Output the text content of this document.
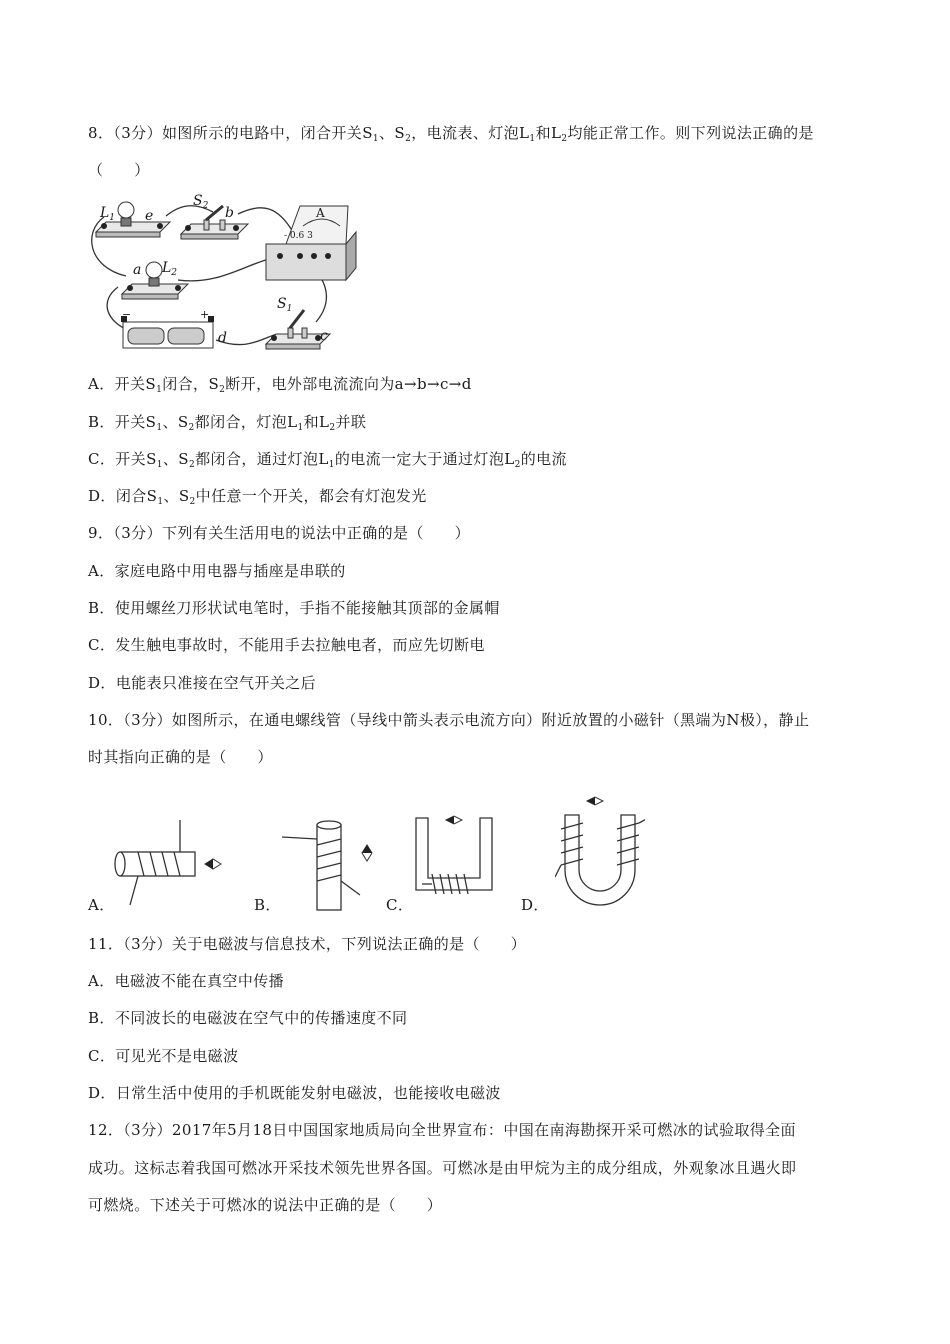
8．（3分）如图所示的电路中，闭合开关$S_1$、$S_2$，电流表、灯泡$L_1$和$L_2$均能正常工作。则下列说法正确的是
（　　）
$L_1$ e
$S_2$ b
a $L_2$
$S_1$
d	c
A
- 0.6 3
+
−
A．开关$S_1$闭合，$S_2$断开，电外部电流流向为a→b→c→d
B．开关$S_1$、$S_2$都闭合，灯泡$L_1$和$L_2$并联
C．开关$S_1$、$S_2$都闭合，通过灯泡$L_1$的电流一定大于通过灯泡$L_2$的电流
D．闭合$S_1$、$S_2$中任意一个开关，都会有灯泡发光
9．（3分）下列有关生活用电的说法中正确的是（　　）
A．家庭电路中用电器与插座是串联的
B．使用螺丝刀形状试电笔时，手指不能接触其顶部的金属帽
C．发生触电事故时，不能用手去拉触电者，而应先切断电
D．电能表只准接在空气开关之后
10．（3分）如图所示，在通电螺线管（导线中箭头表示电流方向）附近放置的小磁针（黑端为N极），静止
时其指向正确的是（　　）
A．	B．	C．	D．
11．（3分）关于电磁波与信息技术，下列说法正确的是（　　）
A．电磁波不能在真空中传播
B．不同波长的电磁波在空气中的传播速度不同
C．可见光不是电磁波
D．日常生活中使用的手机既能发射电磁波，也能接收电磁波
12．（3分）2017年5月18日中国国家地质局向全世界宣布：中国在南海勘探开采可燃冰的试验取得全面
成功。这标志着我国可燃冰开采技术领先世界各国。可燃冰是由甲烷为主的成分组成，外观象冰且遇火即
可燃烧。下述关于可燃冰的说法中正确的是（　　）
